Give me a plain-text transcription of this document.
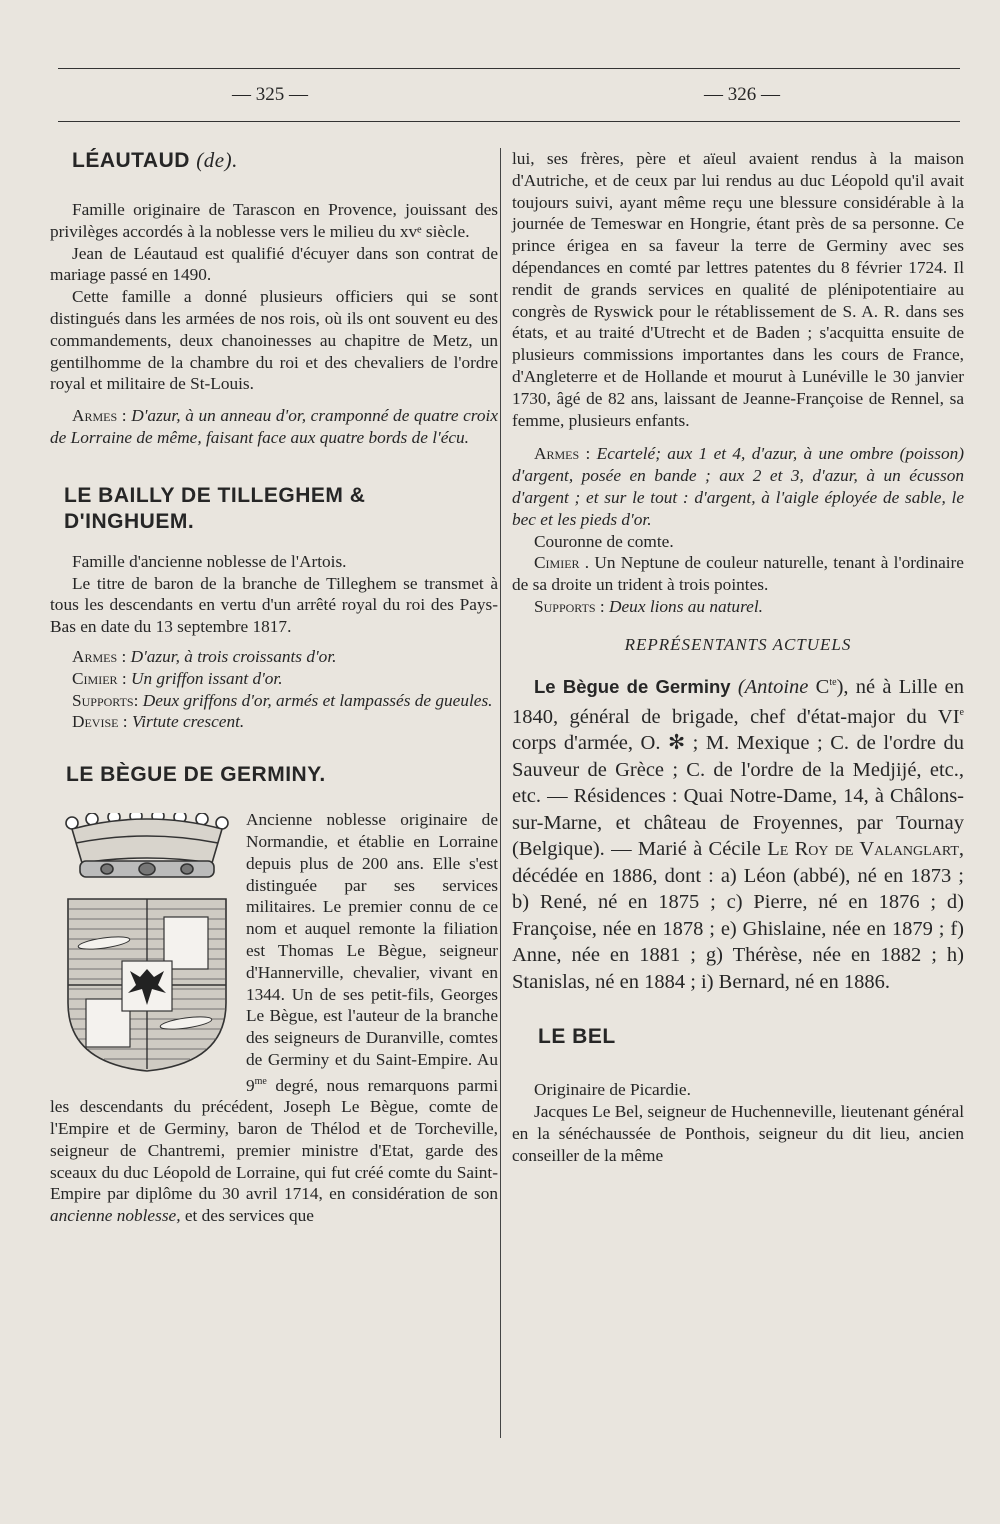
— 325 —	— 326 —
LÉAUTAUD (de).

Famille originaire de Tarascon en Provence, jouissant des privilèges accordés à la noblesse vers le milieu du xvᵉ siècle.

Jean de Léautaud est qualifié d'écuyer dans son contrat de mariage passé en 1490.

Cette famille a donné plusieurs officiers qui se sont distingués dans les armées de nos rois, où ils ont souvent eu des commandements, deux chanoinesses au chapitre de Metz, un gentilhomme de la chambre du roi et des chevaliers de l'ordre royal et militaire de St-Louis.

Armes : D'azur, à un anneau d'or, cramponné de quatre croix de Lorraine de même, faisant face aux quatre bords de l'écu.

LE BAILLY DE TILLEGHEM & D'INGHUEM.

Famille d'ancienne noblesse de l'Artois.

Le titre de baron de la branche de Tilleghem se transmet à tous les descendants en vertu d'un arrêté royal du roi des Pays-Bas en date du 13 septembre 1817.

Armes : D'azur, à trois croissants d'or.

Cimier : Un griffon issant d'or.

Supports: Deux griffons d'or, armés et lampassés de gueules.

Devise : Virtute crescent.

LE BÈGUE DE GERMINY.

Ancienne noblesse originaire de Normandie, et établie en Lorraine depuis plus de 200 ans. Elle s'est distinguée par ses services militaires. Le premier connu de ce nom et auquel remonte la filiation est Thomas Le Bègue, seigneur d'Hannerville, chevalier, vivant en 1344. Un de ses petit-fils, Georges Le Bègue, est l'auteur de la branche des seigneurs de Duranville, comtes de Germiny et du Saint-Empire. Au $9^{me}$ degré, nous remarquons parmi les descendants du précédent, Joseph Le Bègue, comte de l'Empire et de Germiny, baron de Thélod et de Torcheville, seigneur de Chantremi, premier ministre d'Etat, garde des sceaux du duc Léopold de Lorraine, qui fut créé comte du Saint-Empire par diplôme du 30 avril 1714, en considération de son ancienne noblesse, et des services que

lui, ses frères, père et aïeul avaient rendus à la maison d'Autriche, et de ceux par lui rendus au duc Léopold qu'il avait toujours suivi, ayant même reçu une blessure considérable à la journée de Temeswar en Hongrie, étant près de sa personne. Ce prince érigea en sa faveur la terre de Germiny avec ses dépendances en comté par lettres patentes du 8 février 1724. Il rendit de grands services en qualité de plénipotentiaire au congrès de Ryswick pour le rétablissement de S. A. R. dans ses états, et au traité d'Utrecht et de Baden ; s'acquitta ensuite de plusieurs commissions importantes dans les cours de France, d'Angleterre et de Hollande et mourut à Lunéville le 30 janvier 1730, âgé de 82 ans, laissant de Jeanne-Françoise de Rennel, sa femme, plusieurs enfants.

Armes : Ecartelé; aux 1 et 4, d'azur, à une ombre (poisson) d'argent, posée en bande ; aux 2 et 3, d'azur, à un écusson d'argent ; et sur le tout : d'argent, à l'aigle éployée de sable, le bec et les pieds d'or.

Couronne de comte.

Cimier . Un Neptune de couleur naturelle, tenant à l'ordinaire de sa droite un trident à trois pointes.

Supports : Deux lions au naturel.

REPRÉSENTANTS ACTUELS

Le Bègue de Germiny (Antoine $C^{te}$), né à Lille en 1840, général de brigade, chef d'état-major du VIe corps d'armée, O. ✻ ; M. Mexique ; C. de l'ordre du Sauveur de Grèce ; C. de l'ordre de la Medjijé, etc., etc. — Résidences : Quai Notre-Dame, 14, à Châlons-sur-Marne, et château de Froyennes, par Tournay (Belgique). — Marié à Cécile Le Roy de Valanglart, décédée en 1886, dont : a) Léon (abbé), né en 1873 ; b) René, né en 1875 ; c) Pierre, né en 1876 ; d) Françoise, née en 1878 ; e) Ghislaine, née en 1879 ; f) Anne, née en 1881 ; g) Thérèse, née en 1882 ; h) Stanislas, né en 1884 ; i) Bernard, né en 1886.

LE BEL

Originaire de Picardie.

Jacques Le Bel, seigneur de Huchenneville, lieutenant général en la sénéchaussée de Ponthois, seigneur du dit lieu, ancien conseiller de la même
